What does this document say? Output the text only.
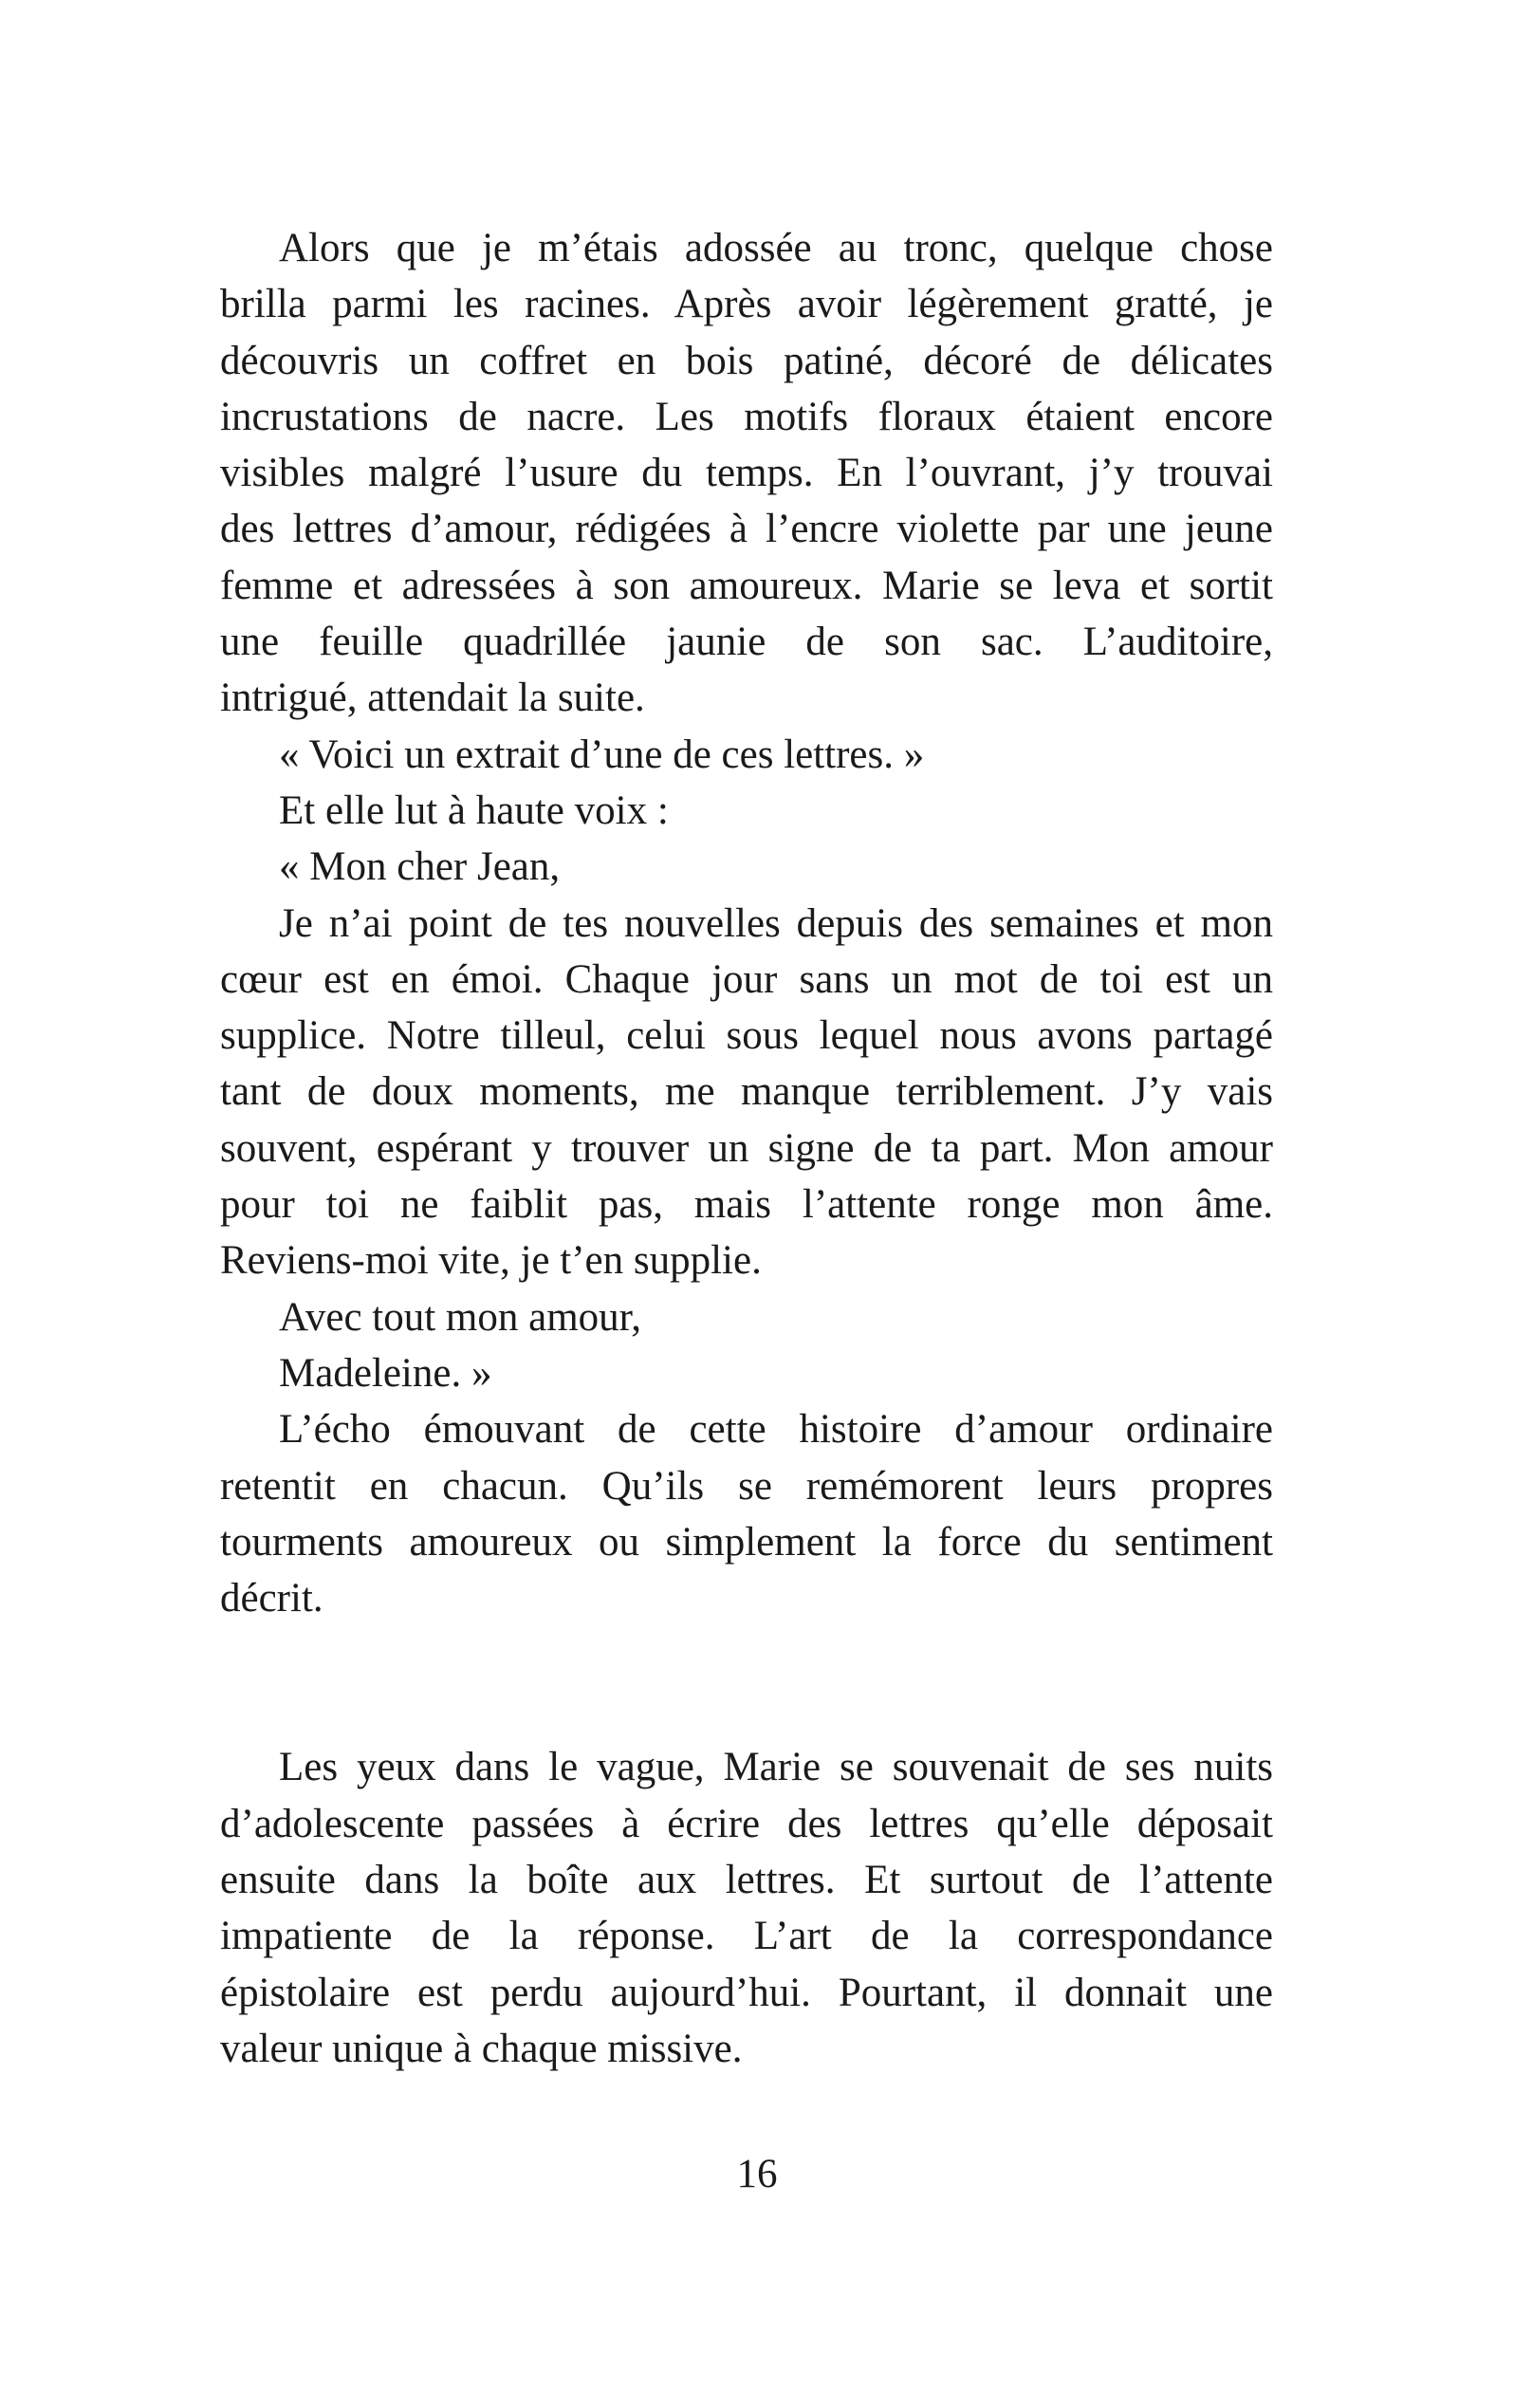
Alors que je m’étais adossée au tronc, quelque chose
brilla parmi les racines. Après avoir légèrement gratté, je
découvris un coffret en bois patiné, décoré de délicates
incrustations de nacre. Les motifs floraux étaient encore
visibles malgré l’usure du temps. En l’ouvrant, j’y trouvai
des lettres d’amour, rédigées à l’encre violette par une jeune
femme et adressées à son amoureux. Marie se leva et sortit
une feuille quadrillée jaunie de son sac. L’auditoire,
intrigué, attendait la suite.
« Voici un extrait d’une de ces lettres. »
Et elle lut à haute voix :
« Mon cher Jean,
Je n’ai point de tes nouvelles depuis des semaines et mon
cœur est en émoi. Chaque jour sans un mot de toi est un
supplice. Notre tilleul, celui sous lequel nous avons partagé
tant de doux moments, me manque terriblement. J’y vais
souvent, espérant y trouver un signe de ta part. Mon amour
pour toi ne faiblit pas, mais l’attente ronge mon âme.
Reviens-moi vite, je t’en supplie.
Avec tout mon amour,
Madeleine. »
L’écho émouvant de cette histoire d’amour ordinaire
retentit en chacun. Qu’ils se remémorent leurs propres
tourments amoureux ou simplement la force du sentiment
décrit.
Les yeux dans le vague, Marie se souvenait de ses nuits
d’adolescente passées à écrire des lettres qu’elle déposait
ensuite dans la boîte aux lettres. Et surtout de l’attente
impatiente de la réponse. L’art de la correspondance
épistolaire est perdu aujourd’hui. Pourtant, il donnait une
valeur unique à chaque missive.
16
